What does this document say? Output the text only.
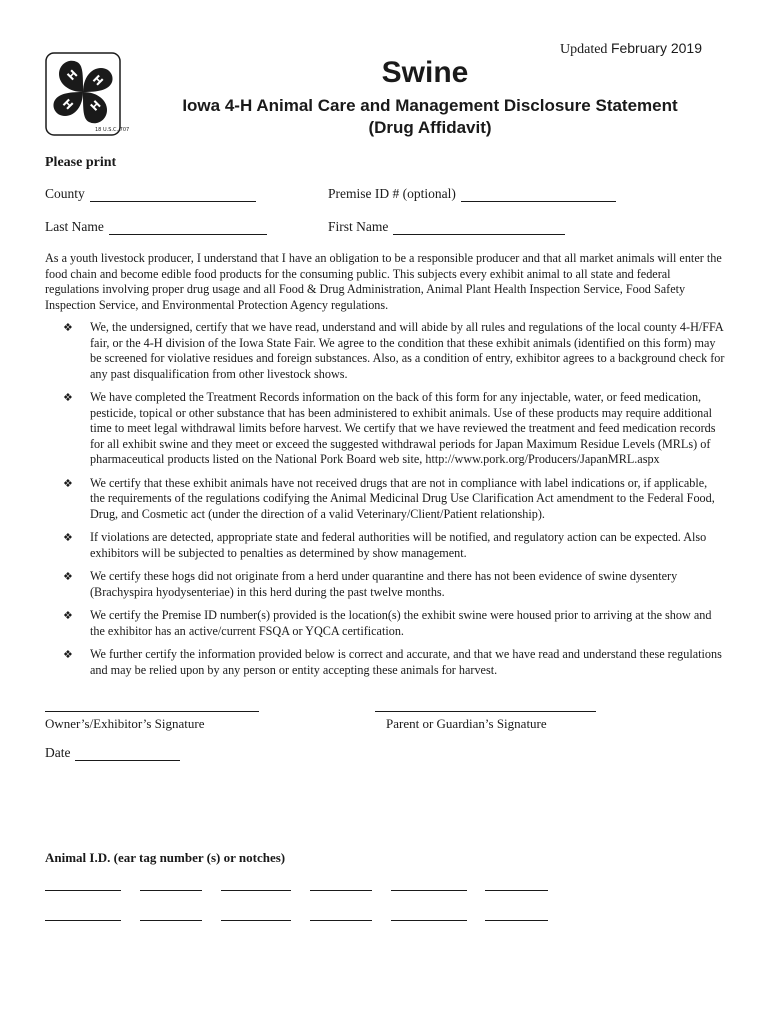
Updated February 2019
H H
H
H
18 U.S.C. 707
Swine
Iowa 4-H Animal Care and Management Disclosure Statement
(Drug Affidavit)
Please print
County	Premise ID # (optional)
Last Name	First Name

As a youth livestock producer, I understand that I have an obligation to be a responsible producer and that all market animals will enter the food chain and become edible food products for the consuming public. This subjects every exhibit animal to all state and federal regulations involving proper drug usage and all Food & Drug Administration, Animal Plant Health Inspection Service, Food Safety Inspection Service, and Environmental Protection Agency regulations.

❖	We, the undersigned, certify that we have read, understand and will abide by all rules and regulations of the local county 4-H/FFA fair, or the 4-H division of the Iowa State Fair. We agree to the condition that these exhibit animals (identified on this form) may be screened for violative residues and foreign substances. Also, as a condition of entry, exhibitor agrees to a background check for any past disqualification from other livestock shows.
❖	We have completed the Treatment Records information on the back of this form for any injectable, water, or feed medication, pesticide, topical or other substance that has been administered to exhibit animals. Use of these products may require additional time to meet legal withdrawal limits before harvest. We certify that we have reviewed the treatment and feed medication records for all exhibit swine and they meet or exceed the suggested withdrawal periods for Japan Maximum Residue Levels (MRLs) of pharmaceutical products listed on the National Pork Board web site, http://www.pork.org/Producers/JapanMRL.aspx
❖	We certify that these exhibit animals have not received drugs that are not in compliance with label indications or, if applicable, the requirements of the regulations codifying the Animal Medicinal Drug Use Clarification Act amendment to the Federal Food, Drug, and Cosmetic act (under the direction of a valid Veterinary/Client/Patient relationship).
❖	If violations are detected, appropriate state and federal authorities will be notified, and regulatory action can be expected. Also exhibitors will be subjected to penalties as determined by show management.
❖	We certify these hogs did not originate from a herd under quarantine and there has not been evidence of swine dysentery (Brachyspira hyodysenteriae) in this herd during the past twelve months.
❖	We certify the Premise ID number(s) provided is the location(s) the exhibit swine were housed prior to arriving at the show and the exhibitor has an active/current FSQA or YQCA certification.
❖	We further certify the information provided below is correct and accurate, and that we have read and understand these regulations and may be relied upon by any person or entity accepting these animals for harvest.
Owner’s/Exhibitor’s Signature	Parent or Guardian’s Signature
Date
Animal I.D. (ear tag number (s) or notches)
